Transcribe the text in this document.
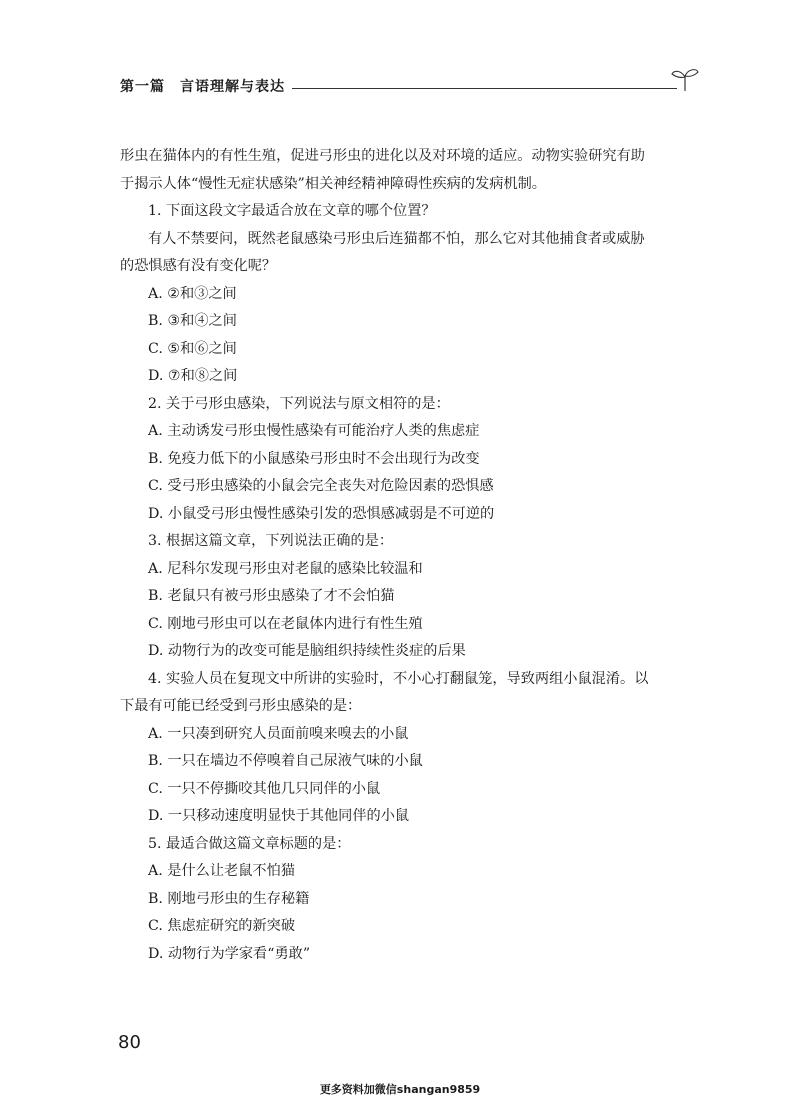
第一篇 言语理解与表达

形虫在猫体内的有性生殖，促进弓形虫的进化以及对环境的适应。动物实验研究有助

于揭示人体“慢性无症状感染”相关神经精神障碍性疾病的发病机制。

1. 下面这段文字最适合放在文章的哪个位置？

有人不禁要问，既然老鼠感染弓形虫后连猫都不怕，那么它对其他捕食者或威胁

的恐惧感有没有变化呢？

A. ②和③之间

B. ③和④之间

C. ⑤和⑥之间

D. ⑦和⑧之间

2. 关于弓形虫感染，下列说法与原文相符的是：

A. 主动诱发弓形虫慢性感染有可能治疗人类的焦虑症

B. 免疫力低下的小鼠感染弓形虫时不会出现行为改变

C. 受弓形虫感染的小鼠会完全丧失对危险因素的恐惧感

D. 小鼠受弓形虫慢性感染引发的恐惧感减弱是不可逆的

3. 根据这篇文章，下列说法正确的是：

A. 尼科尔发现弓形虫对老鼠的感染比较温和

B. 老鼠只有被弓形虫感染了才不会怕猫

C. 刚地弓形虫可以在老鼠体内进行有性生殖

D. 动物行为的改变可能是脑组织持续性炎症的后果

4. 实验人员在复现文中所讲的实验时，不小心打翻鼠笼，导致两组小鼠混淆。以

下最有可能已经受到弓形虫感染的是：

A. 一只凑到研究人员面前嗅来嗅去的小鼠

B. 一只在墙边不停嗅着自己尿液气味的小鼠

C. 一只不停撕咬其他几只同伴的小鼠

D. 一只移动速度明显快于其他同伴的小鼠

5. 最适合做这篇文章标题的是：

A. 是什么让老鼠不怕猫

B. 刚地弓形虫的生存秘籍

C. 焦虑症研究的新突破

D. 动物行为学家看“勇敢”

80
更多资料加微信shangan9859
